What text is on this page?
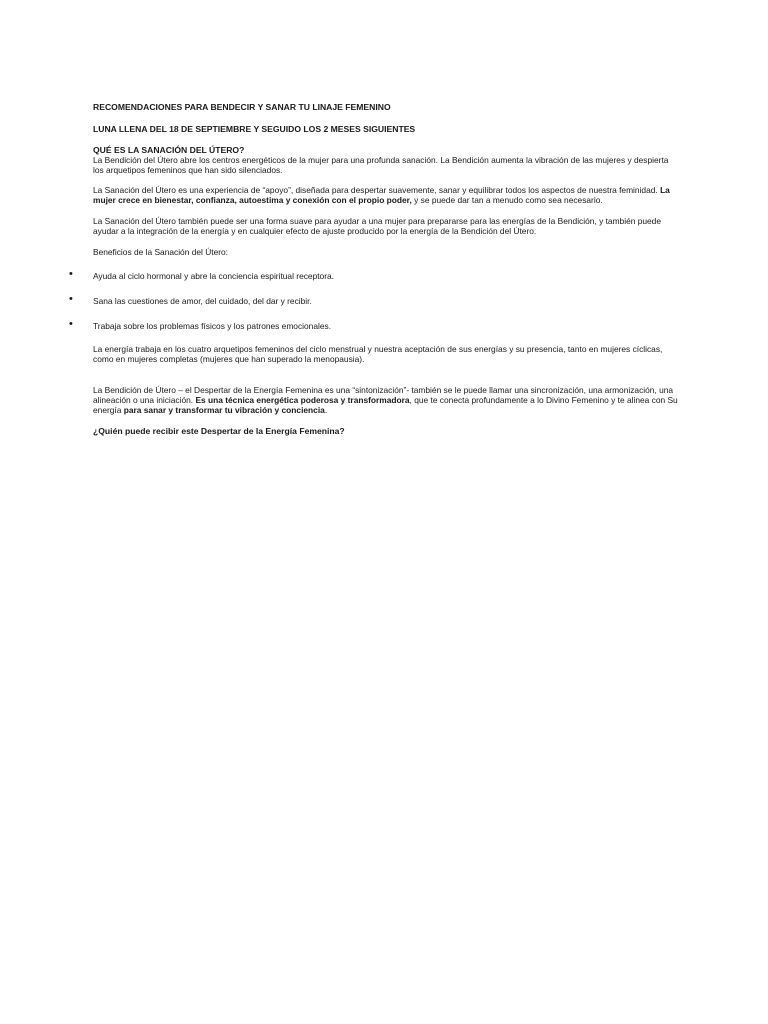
RECOMENDACIONES PARA BENDECIR Y SANAR TU LINAJE FEMENINO
LUNA LLENA DEL 18 DE SEPTIEMBRE Y SEGUIDO LOS 2 MESES SIGUIENTES
QUÉ ES LA SANACIÓN DEL ÚTERO?

La Bendición del Útero abre los centros energéticos de la mujer para una profunda sanación. La Bendición aumenta la vibración de las mujeres y despierta los arquetipos femeninos que han sido silenciados.

La Sanación del Útero es una experiencia de “apoyo”, diseñada para despertar suavemente, sanar y equilibrar todos los aspectos de nuestra feminidad. La mujer crece en bienestar, confianza, autoestima y conexión con el propio poder, y se puede dar tan a menudo como sea necesario.

La Sanación del Útero también puede ser una forma suave para ayudar a una mujer para prepararse para las energías de la Bendición, y también puede ayudar a la integración de la energía y en cualquier efecto de ajuste producido por la energía de la Bendición del Útero.

Beneficios de la Sanación del Útero:

• Ayuda al ciclo hormonal y abre la conciencia espiritual receptora.
• Sana las cuestiones de amor, del cuidado, del dar y recibir.
• Trabaja sobre los problemas físicos y los patrones emocionales.

La energía trabaja en los cuatro arquetipos femeninos del ciclo menstrual y nuestra aceptación de sus energías y su presencia, tanto en mujeres cíclicas, como en mujeres completas (mujeres que han superado la menopausia).

La Bendición de Útero – el Despertar de la Energía Femenina es una “sintonización”- también se le puede llamar una sincronización, una armonización, una alineación o una iniciación. Es una técnica energética poderosa y transformadora, que te conecta profundamente a lo Divino Femenino y te alinea con Su energía para sanar y transformar tu vibración y conciencia.

¿Quién puede recibir este Despertar de la Energía Femenina?
